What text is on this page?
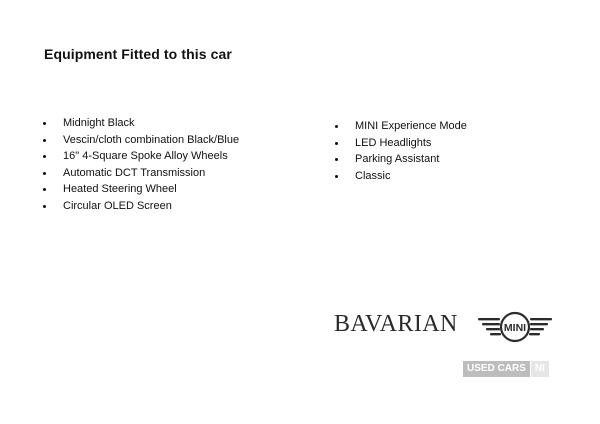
Equipment Fitted to this car
Midnight Black
Vescin/cloth combination Black/Blue
16" 4-Square Spoke Alloy Wheels
Automatic DCT Transmission
Heated Steering Wheel
Circular OLED Screen
MINI Experience Mode
LED Headlights
Parking Assistant
Classic
BAVARIAN	MINI
USED CARS NI
